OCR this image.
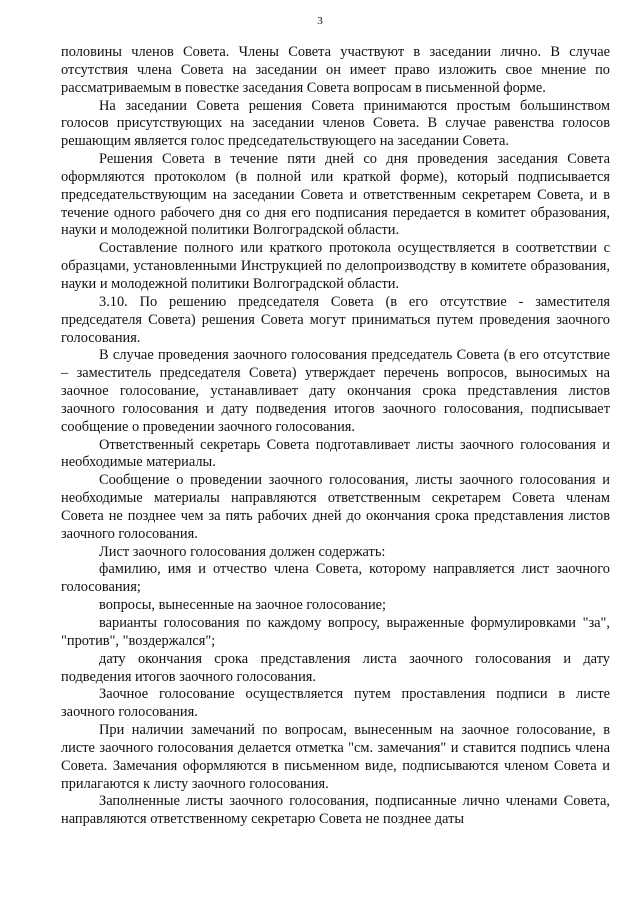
3

половины членов Совета. Члены Совета участвуют в заседании лично. В случае отсутствия члена Совета на заседании он имеет право изложить свое мнение по рассматриваемым в повестке заседания Совета вопросам в письменной форме.

На заседании Совета решения Совета принимаются простым большинством голосов присутствующих на заседании членов Совета. В случае равенства голосов решающим является голос председательствующего на заседании Совета.

Решения Совета в течение пяти дней со дня проведения заседания Совета оформляются протоколом (в полной или краткой форме), который подписывается председательствующим на заседании Совета и ответственным секретарем Совета, и в течение одного рабочего дня со дня его подписания передается в комитет образования, науки и молодежной политики Волгоградской области.

Составление полного или краткого протокола осуществляется в соответствии с образцами, установленными Инструкцией по делопроизводству в комитете образования, науки и молодежной политики Волгоградской области.

3.10. По решению председателя Совета (в его отсутствие - заместителя председателя Совета) решения Совета могут приниматься путем проведения заочного голосования.

В случае проведения заочного голосования председатель Совета (в его отсутствие – заместитель председателя Совета) утверждает перечень вопросов, выносимых на заочное голосование, устанавливает дату окончания срока представления листов заочного голосования и дату подведения итогов заочного голосования, подписывает сообщение о проведении заочного голосования.

Ответственный секретарь Совета подготавливает листы заочного голосования и необходимые материалы.

Сообщение о проведении заочного голосования, листы заочного голосования и необходимые материалы направляются ответственным секретарем Совета членам Совета не позднее чем за пять рабочих дней до окончания срока представления листов заочного голосования.

Лист заочного голосования должен содержать:

фамилию, имя и отчество члена Совета, которому направляется лист заочного голосования;

вопросы, вынесенные на заочное голосование;

варианты голосования по каждому вопросу, выраженные формулировками "за", "против", "воздержался";

дату окончания срока представления листа заочного голосования и дату подведения итогов заочного голосования.

Заочное голосование осуществляется путем проставления подписи в листе заочного голосования.

При наличии замечаний по вопросам, вынесенным на заочное голосование, в листе заочного голосования делается отметка "см. замечания" и ставится подпись члена Совета. Замечания оформляются в письменном виде, подписываются членом Совета и прилагаются к листу заочного голосования.

Заполненные листы заочного голосования, подписанные лично членами Совета, направляются ответственному секретарю Совета не позднее даты
